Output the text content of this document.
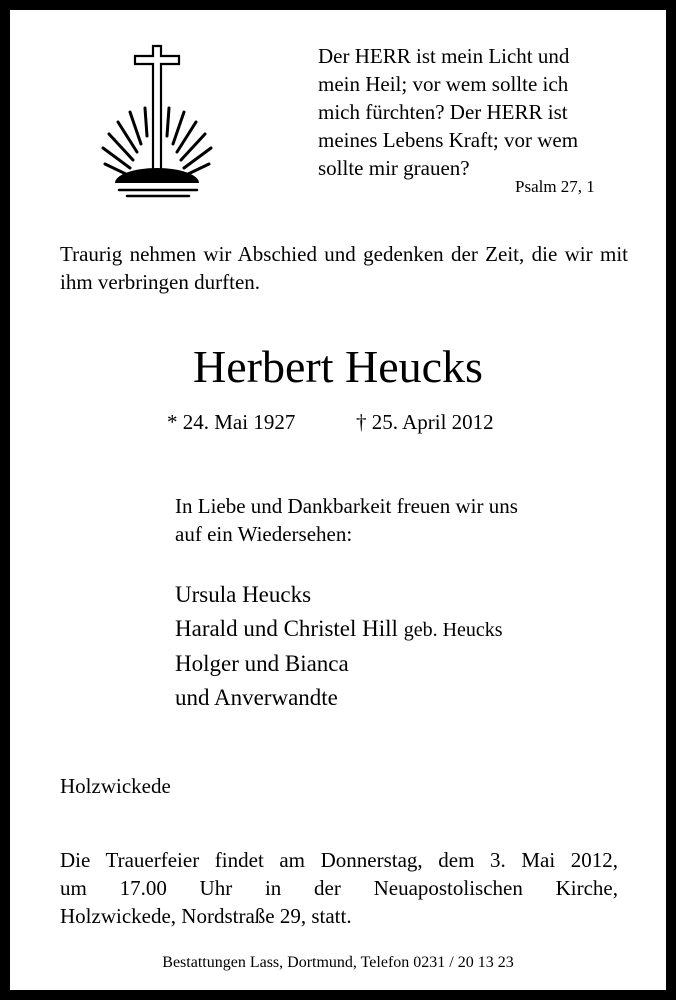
Der HERR ist mein Licht und
mein Heil; vor wem sollte ich
mich fürchten? Der HERR ist
meines Lebens Kraft; vor wem
sollte mir grauen?
Psalm 27, 1
Traurig nehmen wir Abschied und gedenken der Zeit, die wir mit ihm verbringen durften.
Herbert Heucks
* 24. Mai 1927	† 25. April 2012
In Liebe und Dankbarkeit freuen wir uns
auf ein Wiedersehen:
Ursula Heucks
Harald und Christel Hill geb. Heucks
Holger und Bianca
und Anverwandte
Holzwickede
Die Trauerfeier findet am Donnerstag, dem 3. Mai 2012,
um 17.00 Uhr in der Neuapostolischen Kirche,
Holzwickede, Nordstraße 29, statt.
Bestattungen Lass, Dortmund, Telefon 0231 / 20 13 23
